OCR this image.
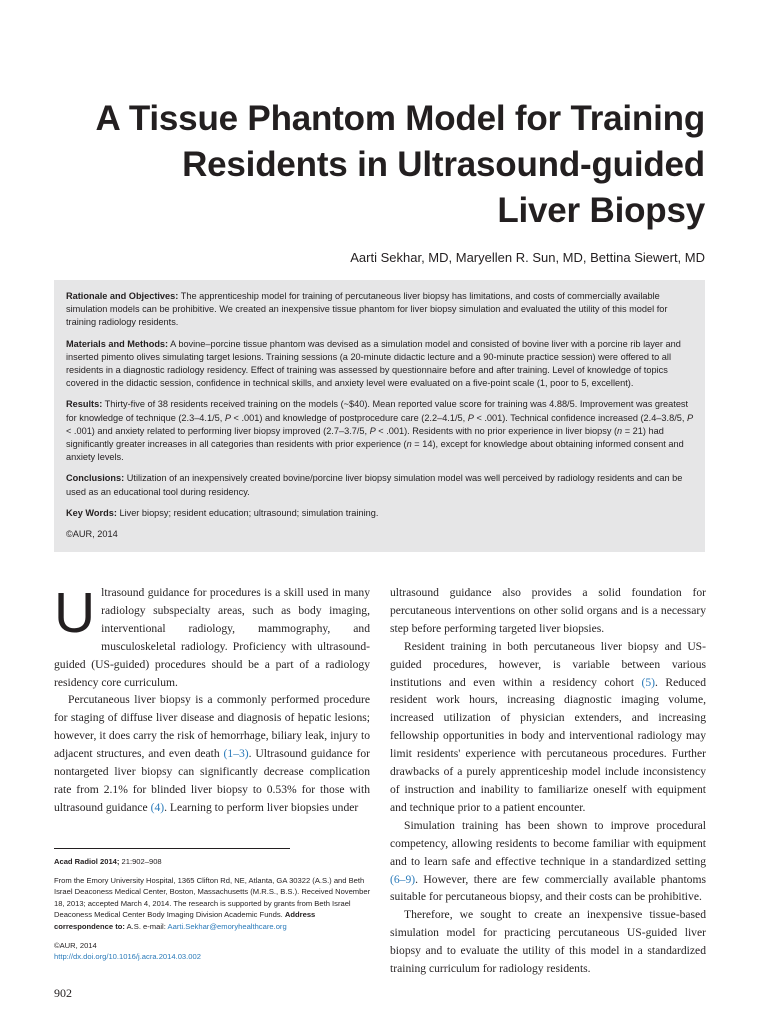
A Tissue Phantom Model for Training
Residents in Ultrasound-guided
Liver Biopsy
Aarti Sekhar, MD, Maryellen R. Sun, MD, Bettina Siewert, MD

Rationale and Objectives: The apprenticeship model for training of percutaneous liver biopsy has limitations, and costs of commercially available simulation models can be prohibitive. We created an inexpensive tissue phantom for liver biopsy simulation and evaluated the utility of this model for training radiology residents.

Materials and Methods: A bovine–porcine tissue phantom was devised as a simulation model and consisted of bovine liver with a porcine rib layer and inserted pimento olives simulating target lesions. Training sessions (a 20-minute didactic lecture and a 90-minute practice session) were offered to all residents in a diagnostic radiology residency. Effect of training was assessed by questionnaire before and after training. Level of knowledge of topics covered in the didactic session, confidence in technical skills, and anxiety level were evaluated on a five-point scale (1, poor to 5, excellent).

Results: Thirty-five of 38 residents received training on the models (~$40). Mean reported value score for training was 4.88/5. Improvement was greatest for knowledge of technique (2.3–4.1/5, P < .001) and knowledge of postprocedure care (2.2–4.1/5, P < .001). Technical confidence increased (2.4–3.8/5, P < .001) and anxiety related to performing liver biopsy improved (2.7–3.7/5, P < .001). Residents with no prior experience in liver biopsy (n = 21) had significantly greater increases in all categories than residents with prior experience (n = 14), except for knowledge about obtaining informed consent and anxiety levels.

Conclusions: Utilization of an inexpensively created bovine/porcine liver biopsy simulation model was well perceived by radiology residents and can be used as an educational tool during residency.

Key Words: Liver biopsy; resident education; ultrasound; simulation training.

©AUR, 2014

Ultrasound guidance for procedures is a skill used in many radiology subspecialty areas, such as body imaging, interventional radiology, mammography, and musculoskeletal radiology. Proficiency with ultrasound-guided (US-guided) procedures should be a part of a radiology residency core curriculum.

Percutaneous liver biopsy is a commonly performed procedure for staging of diffuse liver disease and diagnosis of hepatic lesions; however, it does carry the risk of hemorrhage, biliary leak, injury to adjacent structures, and even death (1–3). Ultrasound guidance for nontargeted liver biopsy can significantly decrease complication rate from 2.1% for blinded liver biopsy to 0.53% for those with ultrasound guidance (4). Learning to perform liver biopsies under

ultrasound guidance also provides a solid foundation for percutaneous interventions on other solid organs and is a necessary step before performing targeted liver biopsies.

Resident training in both percutaneous liver biopsy and US-guided procedures, however, is variable between various institutions and even within a residency cohort (5). Reduced resident work hours, increasing diagnostic imaging volume, increased utilization of physician extenders, and increasing fellowship opportunities in body and interventional radiology may limit residents' experience with percutaneous procedures. Further drawbacks of a purely apprenticeship model include inconsistency of instruction and inability to familiarize oneself with equipment and technique prior to a patient encounter.

Simulation training has been shown to improve procedural competency, allowing residents to become familiar with equipment and to learn safe and effective technique in a standardized setting (6–9). However, there are few commercially available phantoms suitable for percutaneous biopsy, and their costs can be prohibitive.

Therefore, we sought to create an inexpensive tissue-based simulation model for practicing percutaneous US-guided liver biopsy and to evaluate the utility of this model in a standardized training curriculum for radiology residents.

Acad Radiol 2014; 21:902–908

From the Emory University Hospital, 1365 Clifton Rd, NE, Atlanta, GA 30322 (A.S.) and Beth Israel Deaconess Medical Center, Boston, Massachusetts (M.R.S., B.S.). Received November 18, 2013; accepted March 4, 2014. The research is supported by grants from Beth Israel Deaconess Medical Center Body Imaging Division Academic Funds. Address correspondence to: A.S. e-mail: Aarti.Sekhar@emoryhealthcare.org

©AUR, 2014

http://dx.doi.org/10.1016/j.acra.2014.03.002

902
